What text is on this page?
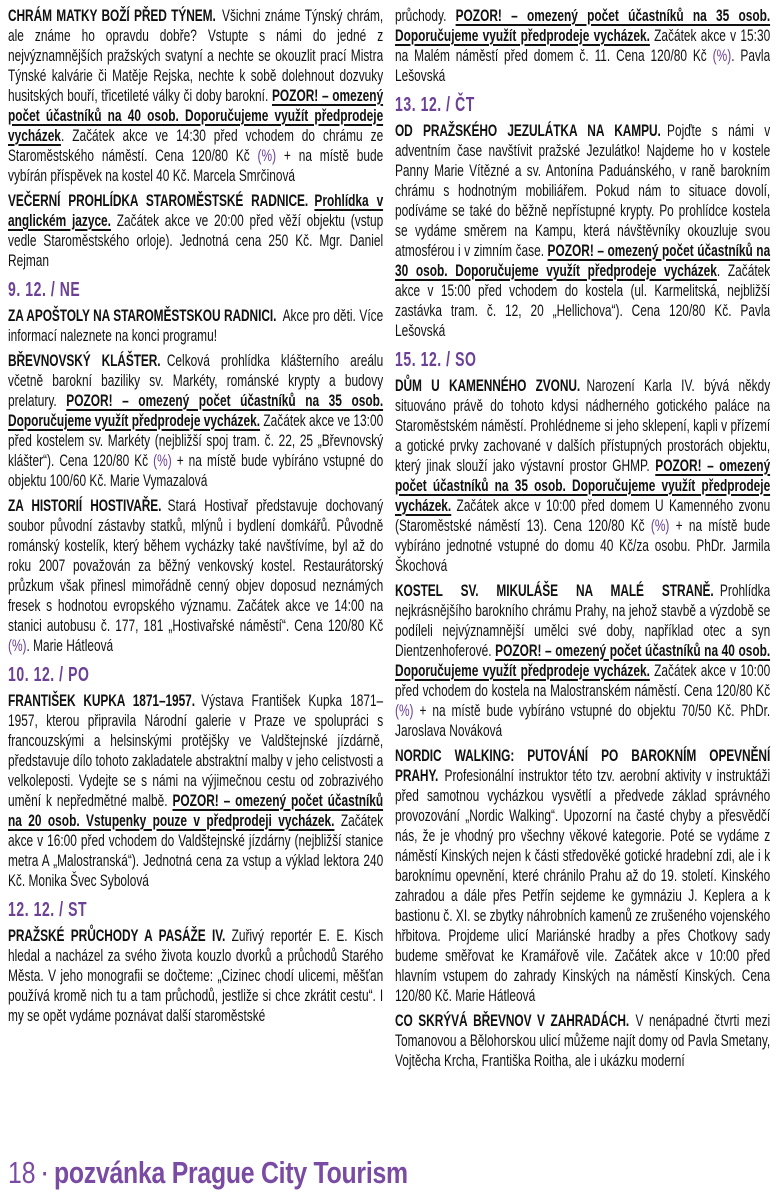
CHRÁM MATKY BOŽÍ PŘED TÝNEM. Všichni známe Týnský chrám, ale známe ho opravdu dobře? Vstupte s námi do jedné z nejvýznamnějších pražských svatyní a nechte se okouzlit prací Mistra Týnské kalvárie či Matěje Rejska, nechte k sobě dolehnout dozvuky husitských bouří, třicetileté války či doby barokní. POZOR! – omezený počet účastníků na 40 osob. Doporučujeme využít předprodeje vycházek. Začátek akce ve 14:30 před vchodem do chrámu ze Staroměstského náměstí. Cena 120/80 Kč (%) + na místě bude vybírán příspěvek na kostel 40 Kč. Marcela Smrčinová

VEČERNÍ PROHLÍDKA STAROMĚSTSKÉ RADNICE. Prohlídka v anglickém jazyce. Začátek akce ve 20:00 před věží objektu (vstup vedle Staroměstského orloje). Jednotná cena 250 Kč. Mgr. Daniel Rejman

9. 12. / NE

ZA APOŠTOLY NA STAROMĚSTSKOU RADNICI. Akce pro děti. Více informací naleznete na konci programu!

BŘEVNOVSKÝ KLÁŠTER. Celková prohlídka klášterního areálu včetně barokní baziliky sv. Markéty, románské krypty a budovy prelatury. POZOR! – omezený počet účastníků na 35 osob. Doporučujeme využít předprodeje vycházek. Začátek akce ve 13:00 před kostelem sv. Markéty (nejbližší spoj tram. č. 22, 25 „Břevnovský klášter“). Cena 120/80 Kč (%) + na místě bude vybíráno vstupné do objektu 100/60 Kč. Marie Vymazalová

ZA HISTORIÍ HOSTIVAŘE. Stará Hostivař představuje dochovaný soubor původní zástavby statků, mlýnů i bydlení domkářů. Původně románský kostelík, který během vycházky také navštívíme, byl až do roku 2007 považován za běžný venkovský kostel. Restaurátorský průzkum však přinesl mimořádně cenný objev doposud neznámých fresek s hodnotou evropského významu. Začátek akce ve 14:00 na stanici autobusu č. 177, 181 „Hostivařské náměstí“. Cena 120/80 Kč (%). Marie Hátleová

10. 12. / PO

FRANTIŠEK KUPKA 1871–1957. Výstava František Kupka 1871–1957, kterou připravila Národní galerie v Praze ve spolupráci s francouzskými a helsinskými protějšky ve Valdštejnské jízdárně, představuje dílo tohoto zakladatele abstraktní malby v jeho celistvosti a velkoleposti. Vydejte se s námi na výjimečnou cestu od zobrazivého umění k nepředmětné malbě. POZOR! – omezený počet účastníků na 20 osob. Vstupenky pouze v předprodeji vycházek. Začátek akce v 16:00 před vchodem do Valdštejnské jízdárny (nejbližší stanice metra A „Malostranská“). Jednotná cena za vstup a výklad lektora 240 Kč. Monika Švec Sybolová

12. 12. / ST

PRAŽSKÉ PRŮCHODY A PASÁŽE IV. Zuřivý reportér E. E. Kisch hledal a nacházel za svého života kouzlo dvorků a průchodů Starého Města. V jeho monografii se dočteme: „Cizinec chodí ulicemi, měšťan používá kromě nich tu a tam průchodů, jestliže si chce zkrátit cestu“. I my se opět vydáme poznávat další staroměstské

průchody. POZOR! – omezený počet účastníků na 35 osob. Doporučujeme využít předprodeje vycházek. Začátek akce v 15:30 na Malém náměstí před domem č. 11. Cena 120/80 Kč (%). Pavla Lešovská

13. 12. / ČT

OD PRAŽSKÉHO JEZULÁTKA NA KAMPU. Pojďte s námi v adventním čase navštívit pražské Jezulátko! Najdeme ho v kostele Panny Marie Vítězné a sv. Antonína Paduánského, v raně barokním chrámu s hodnotným mobiliářem. Pokud nám to situace dovolí, podíváme se také do běžně nepřístupné krypty. Po prohlídce kostela se vydáme směrem na Kampu, která návštěvníky okouzluje svou atmosférou i v zimním čase. POZOR! – omezený počet účastníků na 30 osob. Doporučujeme využít předprodeje vycházek. Začátek akce v 15:00 před vchodem do kostela (ul. Karmelitská, nejbližší zastávka tram. č. 12, 20 „Hellichova“). Cena 120/80 Kč. Pavla Lešovská

15. 12. / SO

DŮM U KAMENNÉHO ZVONU. Narození Karla IV. bývá někdy situováno právě do tohoto kdysi nádherného gotického paláce na Staroměstském náměstí. Prohlédneme si jeho sklepení, kapli v přízemí a gotické prvky zachované v dalších přístupných prostorách objektu, který jinak slouží jako výstavní prostor GHMP. POZOR! – omezený počet účastníků na 35 osob. Doporučujeme využít předprodeje vycházek. Začátek akce v 10:00 před domem U Kamenného zvonu (Staroměstské náměstí 13). Cena 120/80 Kč (%) + na místě bude vybíráno jednotné vstupné do domu 40 Kč/za osobu. PhDr. Jarmila Škochová

KOSTEL SV. MIKULÁŠE NA MALÉ STRANĚ. Prohlídka nejkrásnějšího barokního chrámu Prahy, na jehož stavbě a výzdobě se podíleli nejvýznamnější umělci své doby, například otec a syn Dientzenhoferové. POZOR! – omezený počet účastníků na 40 osob. Doporučujeme využít předprodeje vycházek. Začátek akce v 10:00 před vchodem do kostela na Malostranském náměstí. Cena 120/80 Kč (%) + na místě bude vybíráno vstupné do objektu 70/50 Kč. PhDr. Jaroslava Nováková

NORDIC WALKING: PUTOVÁNÍ PO BAROKNÍM OPEVNĚNÍ PRAHY. Profesionální instruktor této tzv. aerobní aktivity v instruktáži před samotnou vycházkou vysvětlí a předvede základ správného provozování „Nordic Walking“. Upozorní na časté chyby a přesvědčí nás, že je vhodný pro všechny věkové kategorie. Poté se vydáme z náměstí Kinských nejen k části středověké gotické hradební zdi, ale i k baroknímu opevnění, které chránilo Prahu až do 19. století. Kinského zahradou a dále přes Petřín sejdeme ke gymnáziu J. Keplera a k bastionu č. XI. se zbytky náhrobních kamenů ze zrušeného vojenského hřbitova. Projdeme ulicí Mariánské hradby a přes Chotkovy sady budeme směřovat ke Kramářově vile. Začátek akce v 10:00 před hlavním vstupem do zahrady Kinských na náměstí Kinských. Cena 120/80 Kč. Marie Hátleová

CO SKRÝVÁ BŘEVNOV V ZAHRADÁCH. V nenápadné čtvrti mezi Tomanovou a Bělohorskou ulicí můžeme najít domy od Pavla Smetany, Vojtěcha Krcha, Františka Roitha, ale i ukázku moderní

18 ▪ pozvánka Prague City Tourism
